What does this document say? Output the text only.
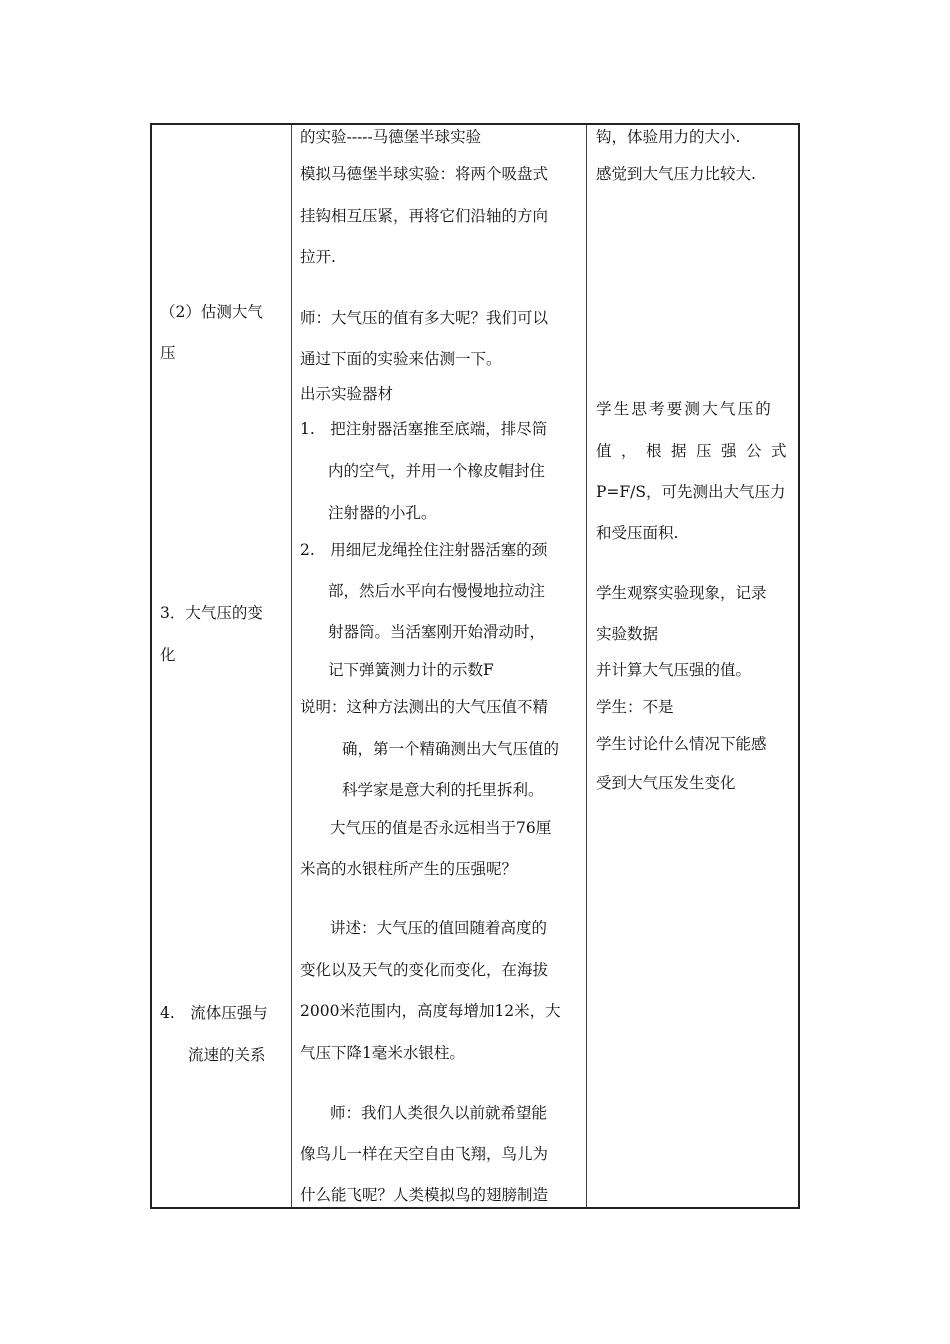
（2）估测大气
压
3．大气压的变
化
4.　流体压强与
流速的关系
的实验-----马德堡半球实验
模拟马德堡半球实验：将两个吸盘式
挂钩相互压紧，再将它们沿轴的方向
拉开.
师：大气压的值有多大呢？我们可以
通过下面的实验来估测一下。
出示实验器材
1.　把注射器活塞推至底端，排尽筒
内的空气，并用一个橡皮帽封住
注射器的小孔。
2.　用细尼龙绳拴住注射器活塞的颈
部，然后水平向右慢慢地拉动注
射器筒。当活塞刚开始滑动时，
记下弹簧测力计的示数F
说明：这种方法测出的大气压值不精
确，第一个精确测出大气压值的
科学家是意大利的托里拆利。
大气压的值是否永远相当于76厘
米高的水银柱所产生的压强呢？
讲述：大气压的值回随着高度的
变化以及天气的变化而变化，在海拔
2000米范围内，高度每增加12米，大
气压下降1毫米水银柱。
师：我们人类很久以前就希望能
像鸟儿一样在天空自由飞翔，鸟儿为
什么能飞呢？人类模拟鸟的翅膀制造
钩，体验用力的大小.
感觉到大气压力比较大.
学生思考要测大气压的
值，根据压强公式
P=F/S，可先测出大气压力
和受压面积.
学生观察实验现象，记录
实验数据
并计算大气压强的值。
学生：不是
学生讨论什么情况下能感
受到大气压发生变化
